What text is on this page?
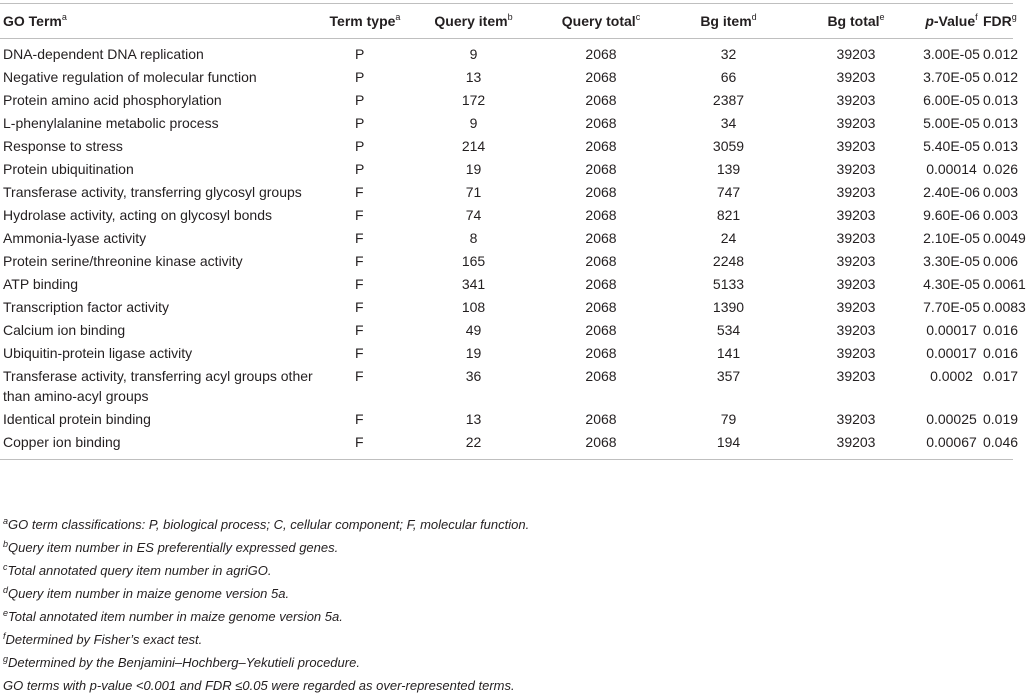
GO Term$^a$	Term type$^a$	Query item$^b$	Query total$^c$	Bg item$^d$	Bg total$^e$	p-Value$^f$	FDR$^g$
DNA-dependent DNA replication	P	9	2068	32	39203	3.00E-05	0.012
Negative regulation of molecular function	P	13	2068	66	39203	3.70E-05	0.012
Protein amino acid phosphorylation	P	172	2068	2387	39203	6.00E-05	0.013
L-phenylalanine metabolic process	P	9	2068	34	39203	5.00E-05	0.013
Response to stress	P	214	2068	3059	39203	5.40E-05	0.013
Protein ubiquitination	P	19	2068	139	39203	0.00014	0.026
Transferase activity, transferring glycosyl groups	F	71	2068	747	39203	2.40E-06	0.003
Hydrolase activity, acting on glycosyl bonds	F	74	2068	821	39203	9.60E-06	0.003
Ammonia-lyase activity	F	8	2068	24	39203	2.10E-05	0.0049
Protein serine/threonine kinase activity	F	165	2068	2248	39203	3.30E-05	0.006
ATP binding	F	341	2068	5133	39203	4.30E-05	0.0061
Transcription factor activity	F	108	2068	1390	39203	7.70E-05	0.0083
Calcium ion binding	F	49	2068	534	39203	0.00017	0.016
Ubiquitin-protein ligase activity	F	19	2068	141	39203	0.00017	0.016
Transferase activity, transferring acyl groups other than amino-acyl groups	F	36	2068	357	39203	0.0002	0.017
Identical protein binding	F	13	2068	79	39203	0.00025	0.019
Copper ion binding	F	22	2068	194	39203	0.00067	0.046
$^a$GO term classifications: P, biological process; C, cellular component; F, molecular function.
$^b$Query item number in ES preferentially expressed genes.
$^c$Total annotated query item number in agriGO.
$^d$Query item number in maize genome version 5a.
$^e$Total annotated item number in maize genome version 5a.
$^f$Determined by Fisher’s exact test.
$^g$Determined by the Benjamini–Hochberg–Yekutieli procedure.
GO terms with p-value <0.001 and FDR ≤0.05 were regarded as over-represented terms.
